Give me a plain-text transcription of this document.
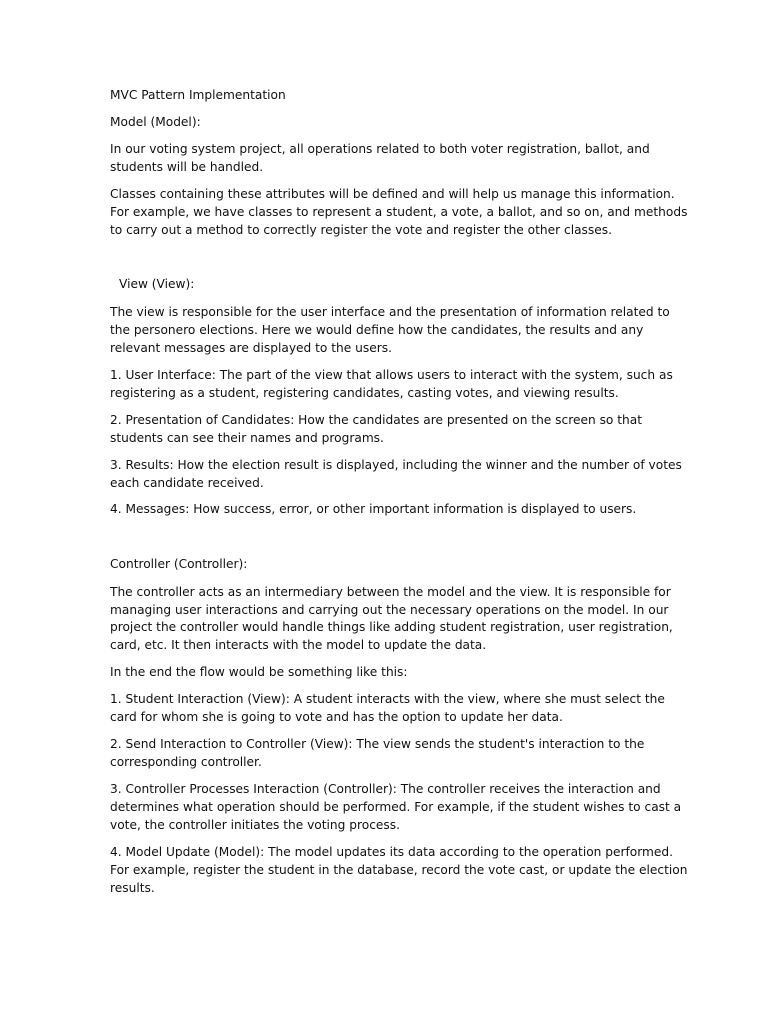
MVC Pattern Implementation

Model (Model):

In our voting system project, all operations related to both voter registration, ballot, and

students will be handled.

Classes containing these attributes will be defined and will help us manage this information.

For example, we have classes to represent a student, a vote, a ballot, and so on, and methods

to carry out a method to correctly register the vote and register the other classes.

View (View):

The view is responsible for the user interface and the presentation of information related to

the personero elections. Here we would define how the candidates, the results and any

relevant messages are displayed to the users.

1. User Interface: The part of the view that allows users to interact with the system, such as

registering as a student, registering candidates, casting votes, and viewing results.

2. Presentation of Candidates: How the candidates are presented on the screen so that

students can see their names and programs.

3. Results: How the election result is displayed, including the winner and the number of votes

each candidate received.

4. Messages: How success, error, or other important information is displayed to users.

Controller (Controller):

The controller acts as an intermediary between the model and the view. It is responsible for

managing user interactions and carrying out the necessary operations on the model. In our

project the controller would handle things like adding student registration, user registration,

card, etc. It then interacts with the model to update the data.

In the end the flow would be something like this:

1. Student Interaction (View): A student interacts with the view, where she must select the

card for whom she is going to vote and has the option to update her data.

2. Send Interaction to Controller (View): The view sends the student's interaction to the

corresponding controller.

3. Controller Processes Interaction (Controller): The controller receives the interaction and

determines what operation should be performed. For example, if the student wishes to cast a

vote, the controller initiates the voting process.

4. Model Update (Model): The model updates its data according to the operation performed.

For example, register the student in the database, record the vote cast, or update the election

results.
